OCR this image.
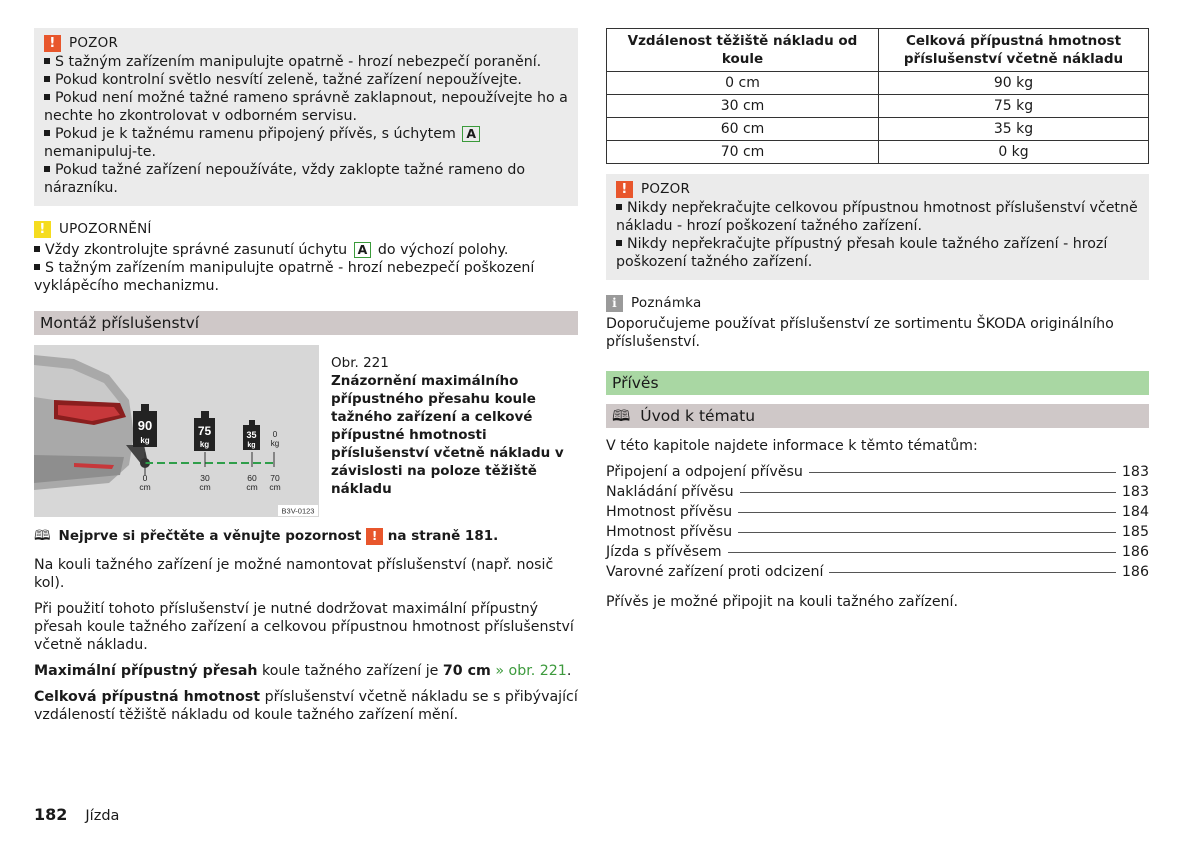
! POZOR
S tažným zařízením manipulujte opatrně - hrozí nebezpečí poranění.
Pokud kontrolní světlo nesvítí zeleně, tažné zařízení nepoužívejte.
Pokud není možné tažné rameno správně zaklapnout, nepoužívejte ho a nechte ho zkontrolovat v odborném servisu.
Pokud je k tažnému ramenu připojený přívěs, s úchytem A nemanipuluj-te.
Pokud tažné zařízení nepoužíváte, vždy zaklopte tažné rameno do nárazníku.
! ! UPOZORNĚNÍ
Vždy zkontrolujte správné zasunutí úchytu A do výchozí polohy.
S tažným zařízením manipulujte opatrně - hrozí nebezpečí poškození vyklápěcího mechanizmu.
Montáž příslušenství
90
kg
75
kg
35
kg
0
kg
0
cm
30
cm
60
cm
70
cm
B3V-0123
Obr. 221
Znázornění maximálního přípustného přesahu koule tažného zařízení a celkové přípustné hmotnosti příslušenství včetně nákladu v závislosti na poloze těžiště nákladu
🕮 Nejprve si přečtěte a věnujte pozornost ! na straně 181.

Na kouli tažného zařízení je možné namontovat příslušenství (např. nosič kol).

Při použití tohoto příslušenství je nutné dodržovat maximální přípustný přesah koule tažného zařízení a celkovou přípustnou hmotnost příslušenství včetně nákladu.

Maximální přípustný přesah koule tažného zařízení je 70 cm » obr. 221.

Celková přípustná hmotnost příslušenství včetně nákladu se s přibývající vzdáleností těžiště nákladu od koule tažného zařízení mění.

Vzdálenost těžiště nákladu od koule	Celková přípustná hmotnost příslušenství včetně nákladu
0 cm	90 kg
30 cm	75 kg
60 cm	35 kg
70 cm	0 kg
! POZOR
Nikdy nepřekračujte celkovou přípustnou hmotnost příslušenství včetně nákladu - hrozí poškození tažného zařízení.
Nikdy nepřekračujte přípustný přesah koule tažného zařízení - hrozí poškození tažného zařízení.
i	Poznámka

Doporučujeme používat příslušenství ze sortimentu ŠKODA originálního příslušenství.

Přívěs
🕮 Úvod k tématu

V této kapitole najdete informace k těmto tématům:

Připojení a odpojení přívěsu	183
Nakládání přívěsu	183
Hmotnost přívěsu	184
Hmotnost přívěsu	185
Jízda s přívěsem	186
Varovné zařízení proti odcizení	186

Přívěs je možné připojit na kouli tažného zařízení.

182 Jízda
